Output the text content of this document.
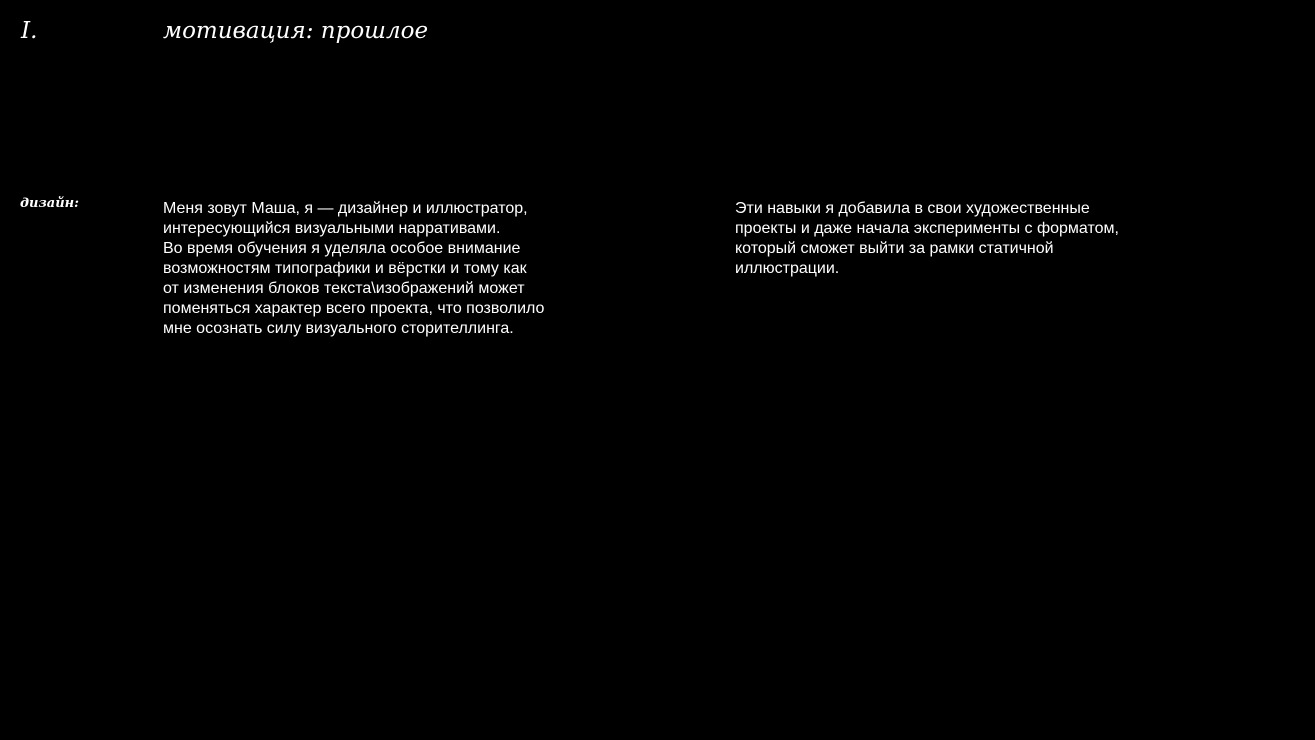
I.	мотивация: прошлое

дизайн:	Меня зовут Маша, я — дизайнер и иллюстратор,
интересующийся визуальными нарративами.
Во время обучения я уделяла особое внимание
возможностям типографики и вёрстки и тому как
от изменения блоков текста\изображений может
поменяться характер всего проекта, что позволило
мне осознать силу визуального сторителлинга.

Эти навыки я добавила в свои художественные
проекты и даже начала эксперименты с форматом,
который сможет выйти за рамки статичной
иллюстрации.
